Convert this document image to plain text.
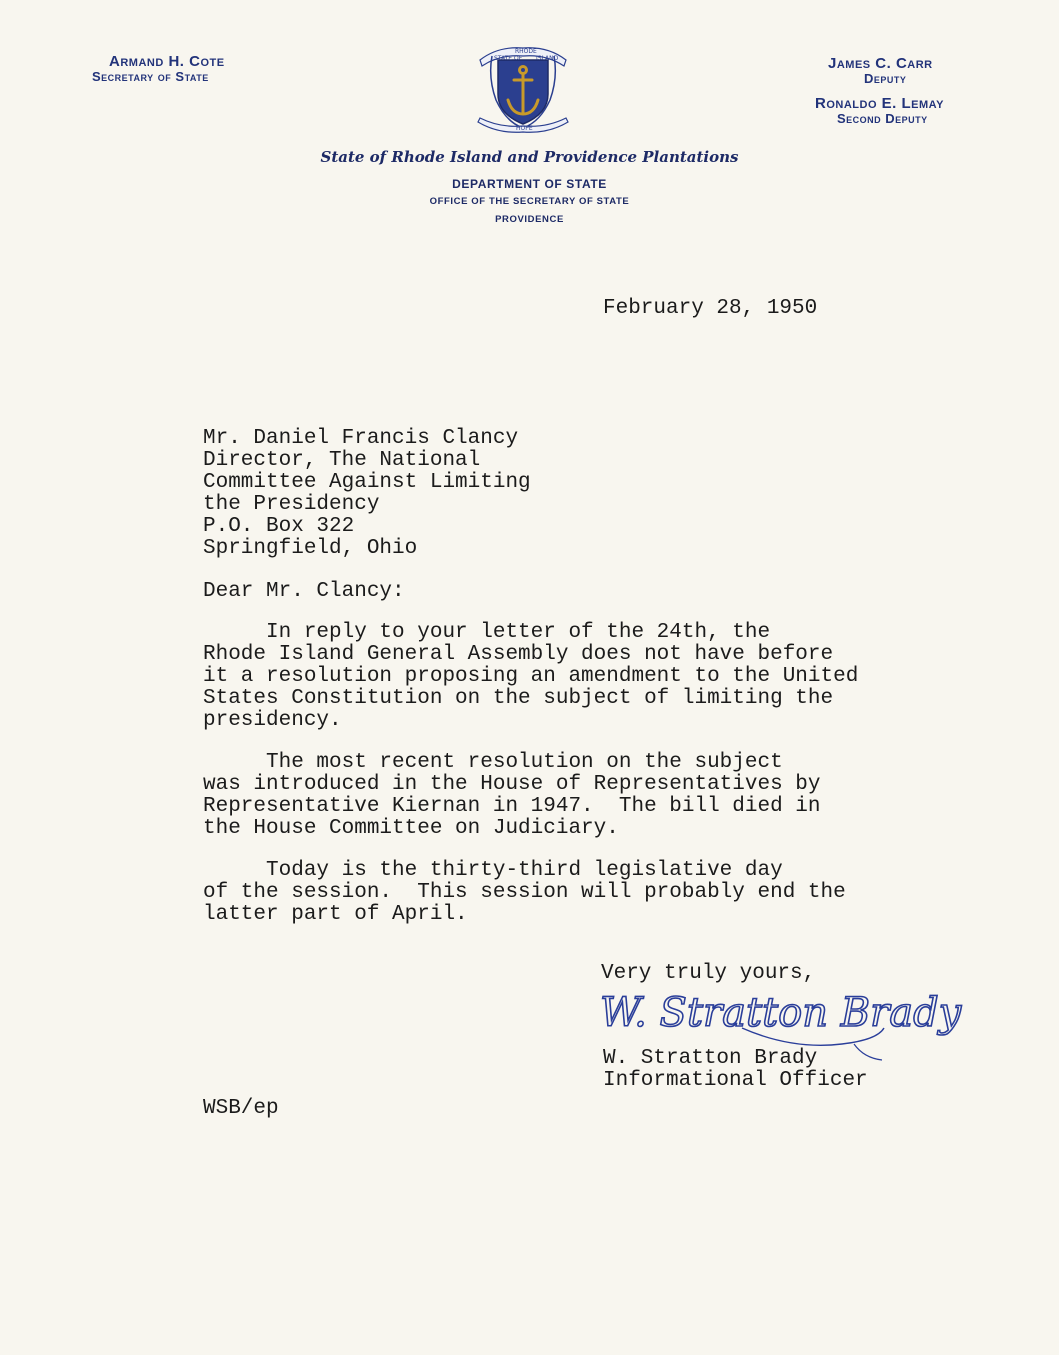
Armand H. Cote
Secretary of State
James C. Carr
Deputy
Ronaldo E. Lemay
Second Deputy
STATE OF
RHODE
ISLAND
HOPE
State of Rhode Island and Providence Plantations
DEPARTMENT OF STATE
OFFICE OF THE SECRETARY OF STATE
PROVIDENCE
February 28, 1950
Mr. Daniel Francis Clancy
Director, The National
Committee Against Limiting
the Presidency
P.O. Box 322
Springfield, Ohio
Dear Mr. Clancy:
In reply to your letter of the 24th, the
Rhode Island General Assembly does not have before
it a resolution proposing an amendment to the United
States Constitution on the subject of limiting the
presidency.
The most recent resolution on the subject
was introduced in the House of Representatives by
Representative Kiernan in 1947.  The bill died in
the House Committee on Judiciary.
Today is the thirty-third legislative day
of the session.  This session will probably end the
latter part of April.
Very truly yours,
W. Stratton Brady
W. Stratton Brady
Informational Officer
WSB/ep
